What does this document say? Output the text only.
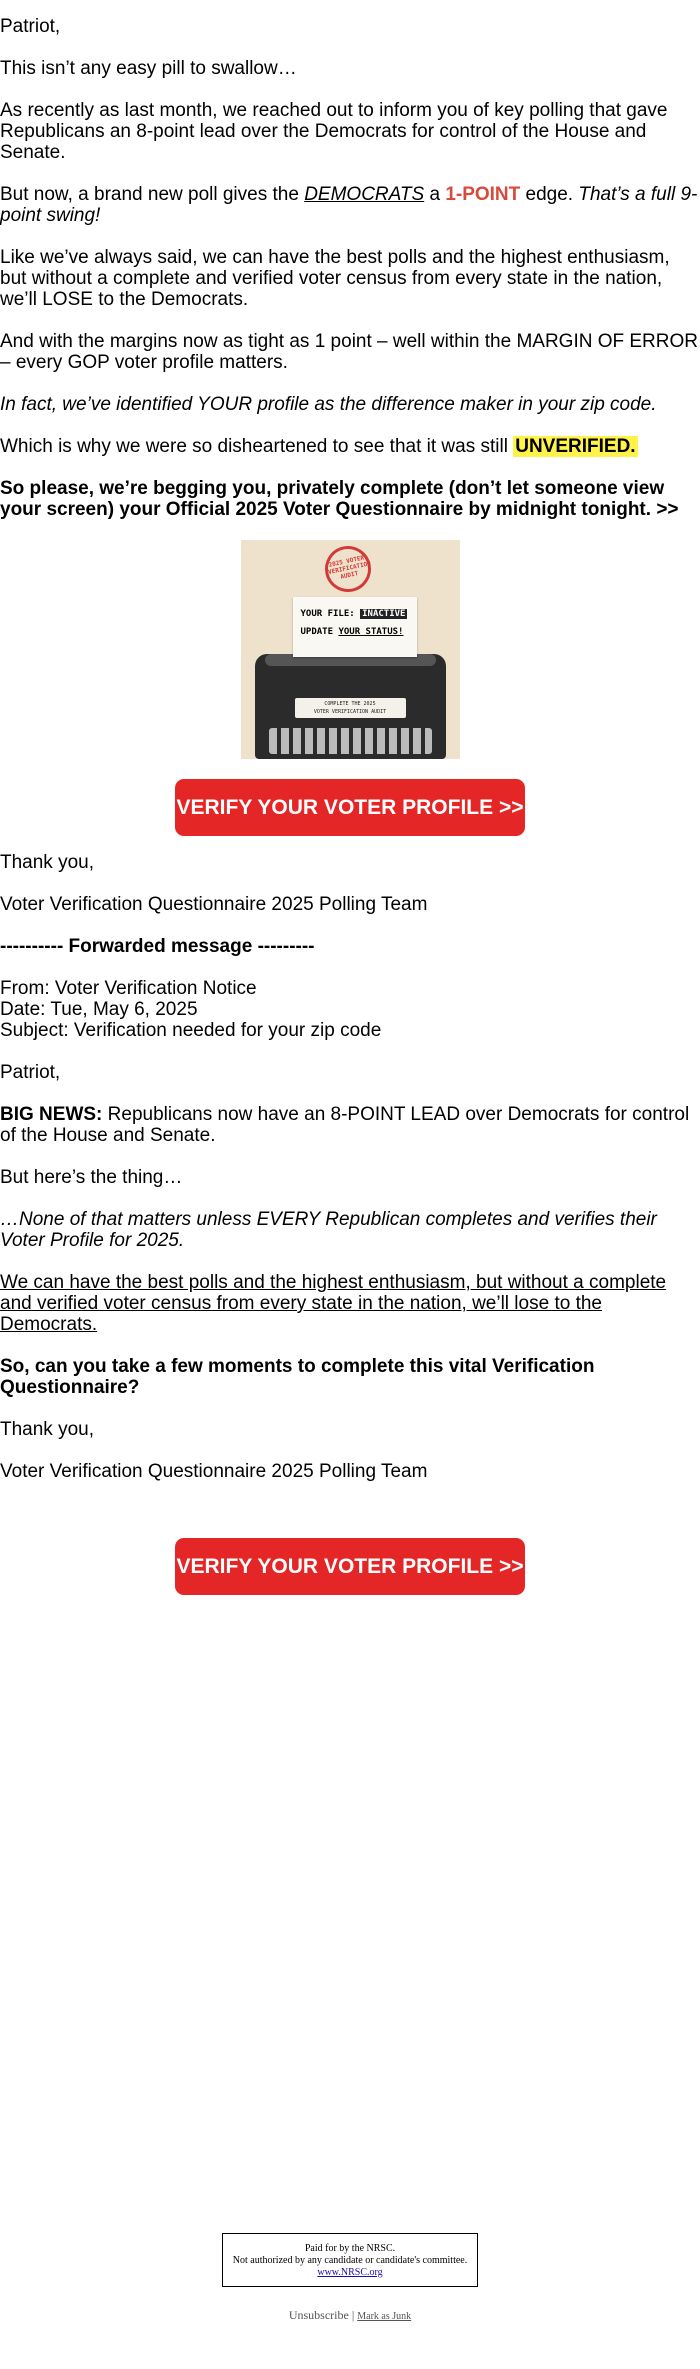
Patriot,

This isn’t any easy pill to swallow…

As recently as last month, we reached out to inform you of key polling that gave Republicans an 8-point lead over the Democrats for control of the House and Senate.

But now, a brand new poll gives the DEMOCRATS a 1-POINT edge. That’s a full 9-point swing!

Like we’ve always said, we can have the best polls and the highest enthusiasm, but without a complete and verified voter census from every state in the nation, we’ll LOSE to the Democrats.

And with the margins now as tight as 1 point – well within the MARGIN OF ERROR – every GOP voter profile matters.

In fact, we’ve identified YOUR profile as the difference maker in your zip code.

Which is why we were so disheartened to see that it was still UNVERIFIED.

So please, we’re begging you, privately complete (don’t let someone view your screen) your Official 2025 Voter Questionnaire by midnight tonight. >>

2025 VOTER VERIFICATION AUDIT
COMPLETE THE 2025
VOTER VERIFICATION AUDIT
YOUR FILE: INACTIVE
UPDATE YOUR STATUS!
VERIFY YOUR VOTER PROFILE >>

Thank you,

Voter Verification Questionnaire 2025 Polling Team

---------- Forwarded message ---------

From: Voter Verification Notice

Date: Tue, May 6, 2025

Subject: Verification needed for your zip code

Patriot,

BIG NEWS: Republicans now have an 8-POINT LEAD over Democrats for control of the House and Senate.

But here’s the thing…

…None of that matters unless EVERY Republican completes and verifies their Voter Profile for 2025.

We can have the best polls and the highest enthusiasm, but without a complete and verified voter census from every state in the nation, we’ll lose to the Democrats.

So, can you take a few moments to complete this vital Verification Questionnaire?

Thank you,

Voter Verification Questionnaire 2025 Polling Team

VERIFY YOUR VOTER PROFILE >>
Paid for by the NRSC.
Not authorized by any candidate or candidate's committee.
www.NRSC.org
Unsubscribe | Mark as Junk
